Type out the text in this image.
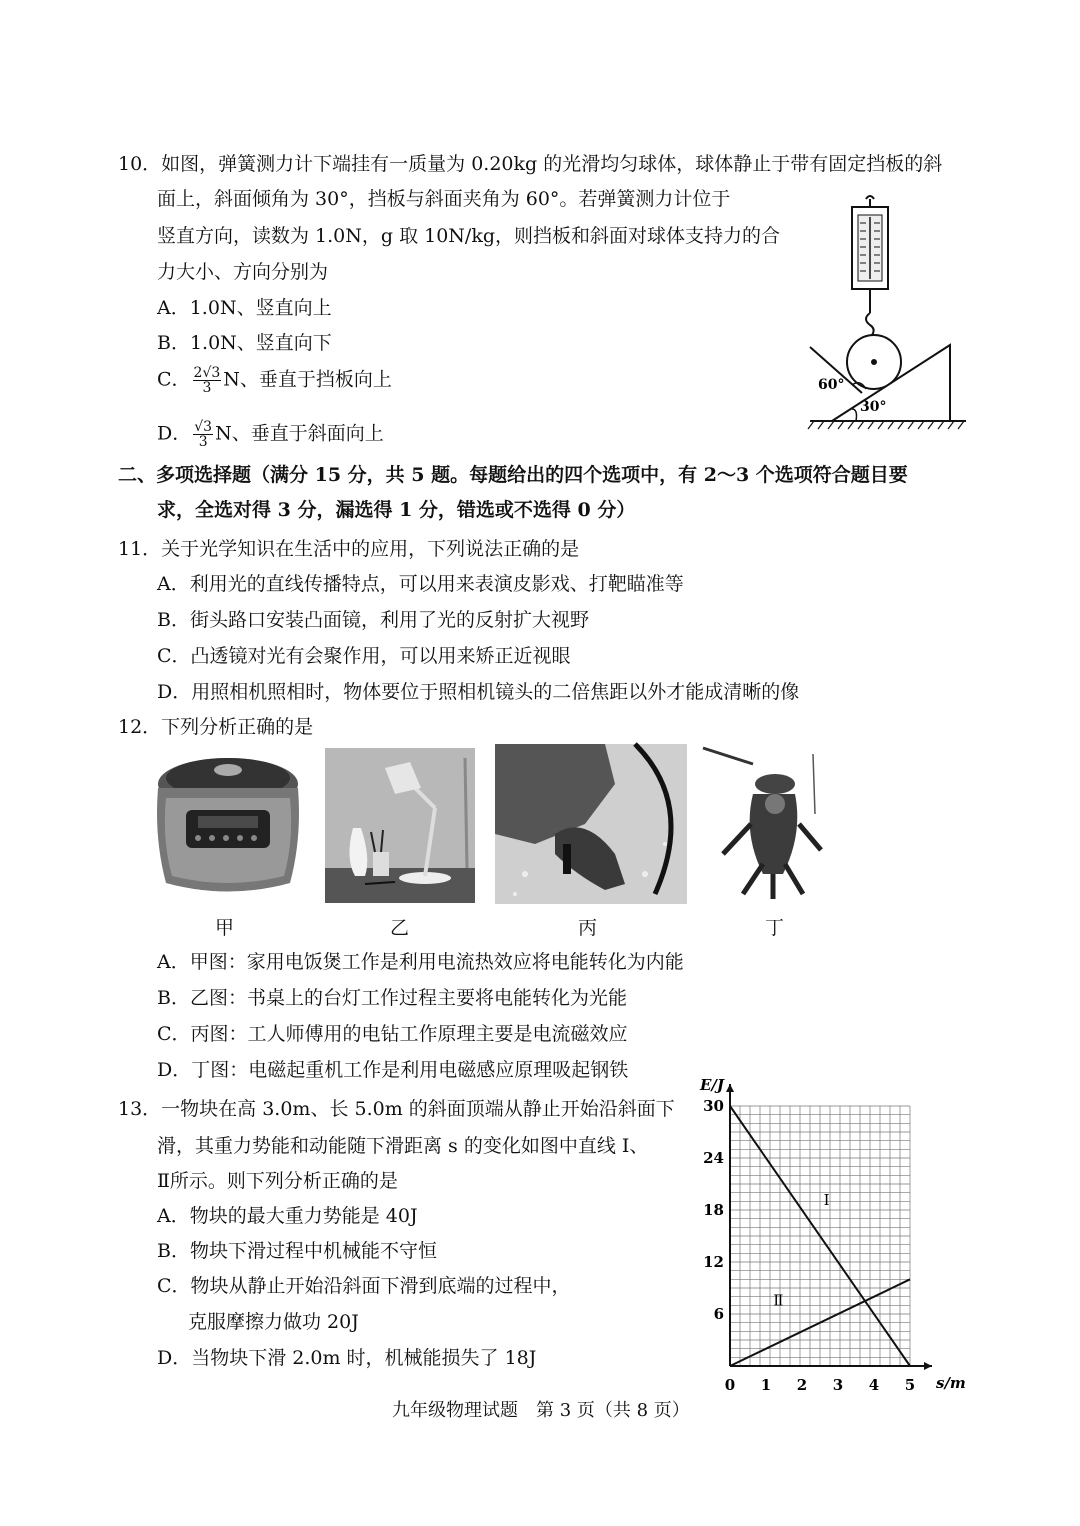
10．如图，弹簧测力计下端挂有一质量为 0.20kg 的光滑均匀球体，球体静止于带有固定挡板的斜
面上，斜面倾角为 30°，挡板与斜面夹角为 60°。若弹簧测力计位于
竖直方向，读数为 1.0N，g 取 10N/kg，则挡板和斜面对球体支持力的合
力大小、方向分别为
A．1.0N、竖直向上
B．1.0N、竖直向下
C． $\frac{2√3}{3}$ N、垂直于挡板向上
D． $\frac{√3}{3}$ N、垂直于斜面向上
60°
30°
二、多项选择题（满分 15 分，共 5 题。每题给出的四个选项中，有 2～3 个选项符合题目要
求，全选对得 3 分，漏选得 1 分，错选或不选得 0 分）
11．关于光学知识在生活中的应用，下列说法正确的是
A．利用光的直线传播特点，可以用来表演皮影戏、打靶瞄准等
B．街头路口安装凸面镜，利用了光的反射扩大视野
C．凸透镜对光有会聚作用，可以用来矫正近视眼
D．用照相机照相时，物体要位于照相机镜头的二倍焦距以外才能成清晰的像
12．下列分析正确的是
甲	乙	丙	丁
A．甲图：家用电饭煲工作是利用电流热效应将电能转化为内能
B．乙图：书桌上的台灯工作过程主要将电能转化为光能
C．丙图：工人师傅用的电钻工作原理主要是电流磁效应
D．丁图：电磁起重机工作是利用电磁感应原理吸起钢铁
13．一物块在高 3.0m、长 5.0m 的斜面顶端从静止开始沿斜面下
滑，其重力势能和动能随下滑距离 s 的变化如图中直线 I、
Ⅱ所示。则下列分析正确的是
A．物块的最大重力势能是 40J
B．物块下滑过程中机械能不守恒
C．物块从静止开始沿斜面下滑到底端的过程中，
克服摩擦力做功 20J
D．当物块下滑 2.0m 时，机械能损失了 18J
0 1 2 3 4 5
6
12
18
24
30
s/m
E/J
I
Ⅱ
九年级物理试题　第 3 页（共 8 页）
